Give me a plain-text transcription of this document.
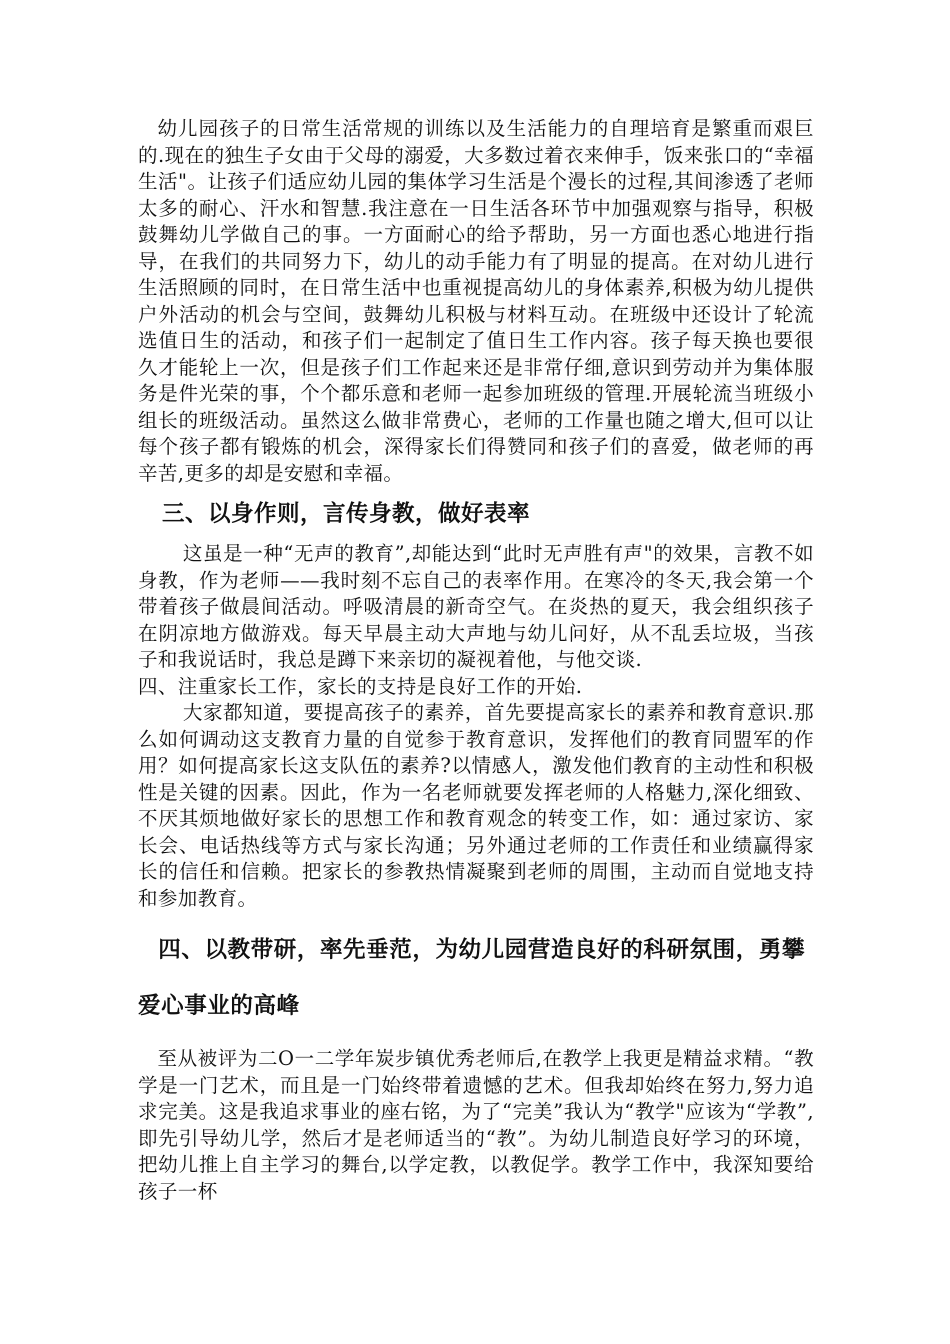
幼儿园孩子的日常生活常规的训练以及生活能力的自理培育是繁重而艰巨的.现在的独生子女由于父母的溺爱，大多数过着衣来伸手，饭来张口的“幸福生活"。让孩子们适应幼儿园的集体学习生活是个漫长的过程,其间渗透了老师太多的耐心、汗水和智慧.我注意在一日生活各环节中加强观察与指导，积极鼓舞幼儿学做自己的事。一方面耐心的给予帮助，另一方面也悉心地进行指导，在我们的共同努力下，幼儿的动手能力有了明显的提高。在对幼儿进行生活照顾的同时，在日常生活中也重视提高幼儿的身体素养,积极为幼儿提供户外活动的机会与空间，鼓舞幼儿积极与材料互动。在班级中还设计了轮流选值日生的活动，和孩子们一起制定了值日生工作内容。孩子每天换也要很久才能轮上一次，但是孩子们工作起来还是非常仔细,意识到劳动并为集体服务是件光荣的事，个个都乐意和老师一起参加班级的管理.开展轮流当班级小组长的班级活动。虽然这么做非常费心，老师的工作量也随之增大,但可以让每个孩子都有锻炼的机会，深得家长们得赞同和孩子们的喜爱，做老师的再辛苦,更多的却是安慰和幸福。

三、以身作则，言传身教，做好表率

这虽是一种“无声的教育”,却能达到“此时无声胜有声"的效果，言教不如身教，作为老师——我时刻不忘自己的表率作用。在寒冷的冬天,我会第一个带着孩子做晨间活动。呼吸清晨的新奇空气。在炎热的夏天，我会组织孩子在阴凉地方做游戏。每天早晨主动大声地与幼儿问好，从不乱丢垃圾，当孩子和我说话时，我总是蹲下来亲切的凝视着他，与他交谈.

四、注重家长工作，家长的支持是良好工作的开始.

大家都知道，要提高孩子的素养，首先要提高家长的素养和教育意识.那么如何调动这支教育力量的自觉参于教育意识，发挥他们的教育同盟军的作用？如何提高家长这支队伍的素养?以情感人，激发他们教育的主动性和积极性是关键的因素。因此，作为一名老师就要发挥老师的人格魅力,深化细致、不厌其烦地做好家长的思想工作和教育观念的转变工作，如：通过家访、家长会、电话热线等方式与家长沟通；另外通过老师的工作责任和业绩赢得家长的信任和信赖。把家长的参教热情凝聚到老师的周围，主动而自觉地支持和参加教育。

四、以教带研，率先垂范，为幼儿园营造良好的科研氛围，勇攀爱心事业的高峰

至从被评为二O一二学年炭步镇优秀老师后,在教学上我更是精益求精。“教学是一门艺术，而且是一门始终带着遗憾的艺术。但我却始终在努力,努力追求完美。这是我追求事业的座右铭，为了“完美”我认为“教学"应该为“学教”,即先引导幼儿学，然后才是老师适当的“教”。为幼儿制造良好学习的环境，把幼儿推上自主学习的舞台,以学定教，以教促学。教学工作中，我深知要给孩子一杯
